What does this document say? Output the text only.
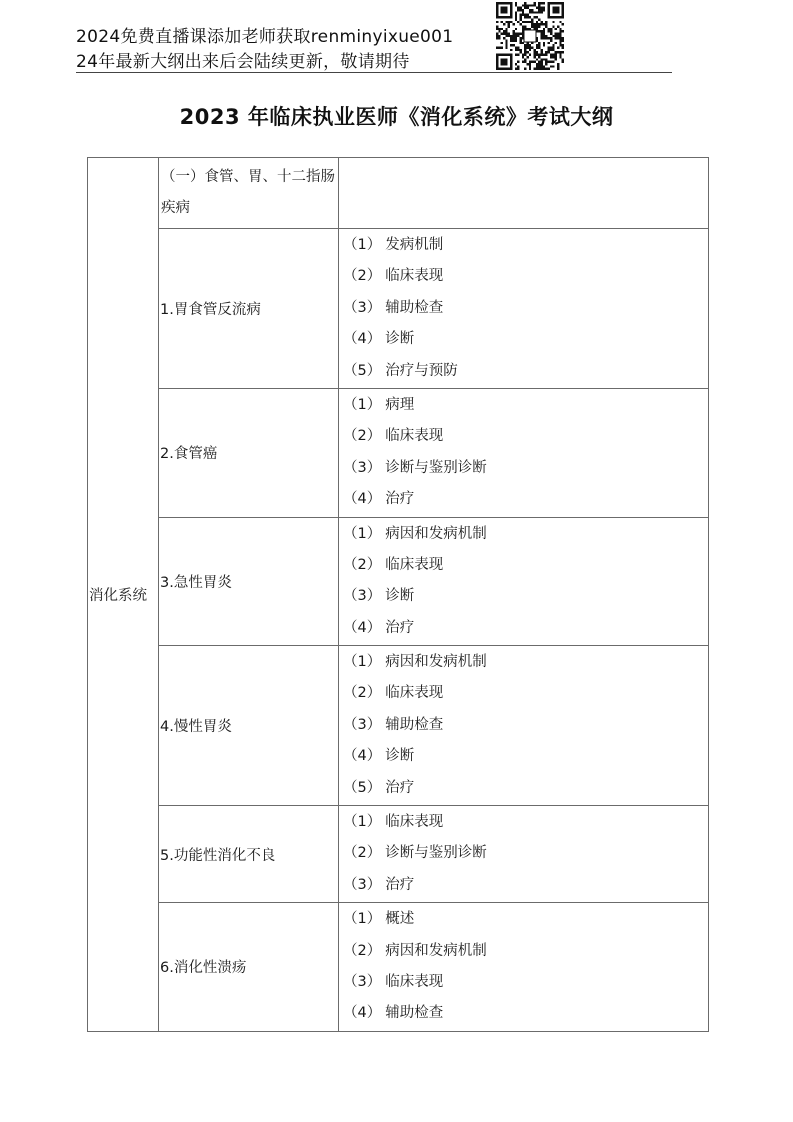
2024免费直播课添加老师获取renminyixue001
24年最新大纲出来后会陆续更新，敬请期待
2023 年临床执业医师《消化系统》考试大纲
消化系统	（一）食管、胃、十二指肠疾病	

	1.胃食管反流病	（1） 发病机制
（2） 临床表现
（3） 辅助检查
（4） 诊断
（5） 治疗与预防

	2.食管癌	（1） 病理
（2） 临床表现
（3） 诊断与鉴别诊断
（4） 治疗

	3.急性胃炎	（1） 病因和发病机制
（2） 临床表现
（3） 诊断
（4） 治疗

	4.慢性胃炎	（1） 病因和发病机制
（2） 临床表现
（3） 辅助检查
（4） 诊断
（5） 治疗

	5.功能性消化不良	（1） 临床表现
（2） 诊断与鉴别诊断
（3） 治疗

	6.消化性溃疡	（1） 概述
（2） 病因和发病机制
（3） 临床表现
（4） 辅助检查
